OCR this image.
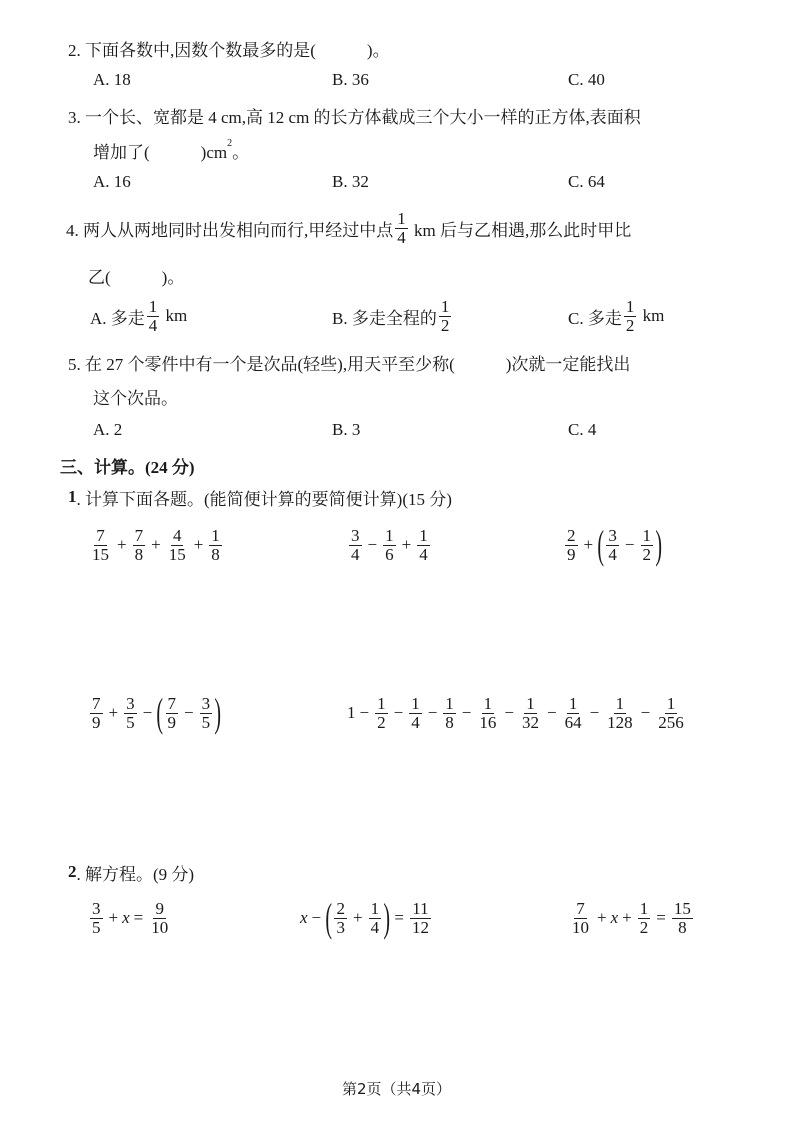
2. 下面各数中,因数个数最多的是(　　　)。
A. 18	B. 36	C. 40
3. 一个长、宽都是 4 cm,高 12 cm 的长方体截成三个大小一样的正方体,表面积
增加了(　　　)cm 2 。
A. 16	B. 32	C. 64
4. 两人从两地同时出发相向而行,甲经过中点 $\frac{1}{4}$ km 后与乙相遇,那么此时甲比
乙(　　　)。
A. 多走 $\frac{1}{4}$ km	B. 多走全程的 $\frac{1}{2}$	C. 多走 $\frac{1}{2}$ km
5. 在 27 个零件中有一个是次品(轻些),用天平至少称(　　　)次就一定能找出
这个次品。
A. 2	B. 3	C. 4
三、计算。(24 分)
1 . 计算下面各题。(能简便计算的要简便计算)(15 分)
$\frac{7}{15} + \frac{7}{8} + \frac{4}{15} + \frac{1}{8}$	$\frac{3}{4} - \frac{1}{6} + \frac{1}{4}$	$\frac{2}{9}$ + ( $\frac{3}{4} - \frac{1}{2}$ )
$\frac{7}{9} + \frac{3}{5}$ − ( $\frac{7}{9} - \frac{3}{5}$ )	$1 - \frac{1}{2} - \frac{1}{4} - \frac{1}{8} - \frac{1}{16} - \frac{1}{32} - \frac{1}{64} - \frac{1}{128} - \frac{1}{256}$
2 . 解方程。(9 分)
$\frac{3}{5} + x = \frac{9}{10}$	x − ( $\frac{2}{3} + \frac{1}{4}$ ) = $\frac{11}{12}$	$\frac{7}{10} + x + \frac{1}{2} = \frac{15}{8}$
第2页（共4页）
